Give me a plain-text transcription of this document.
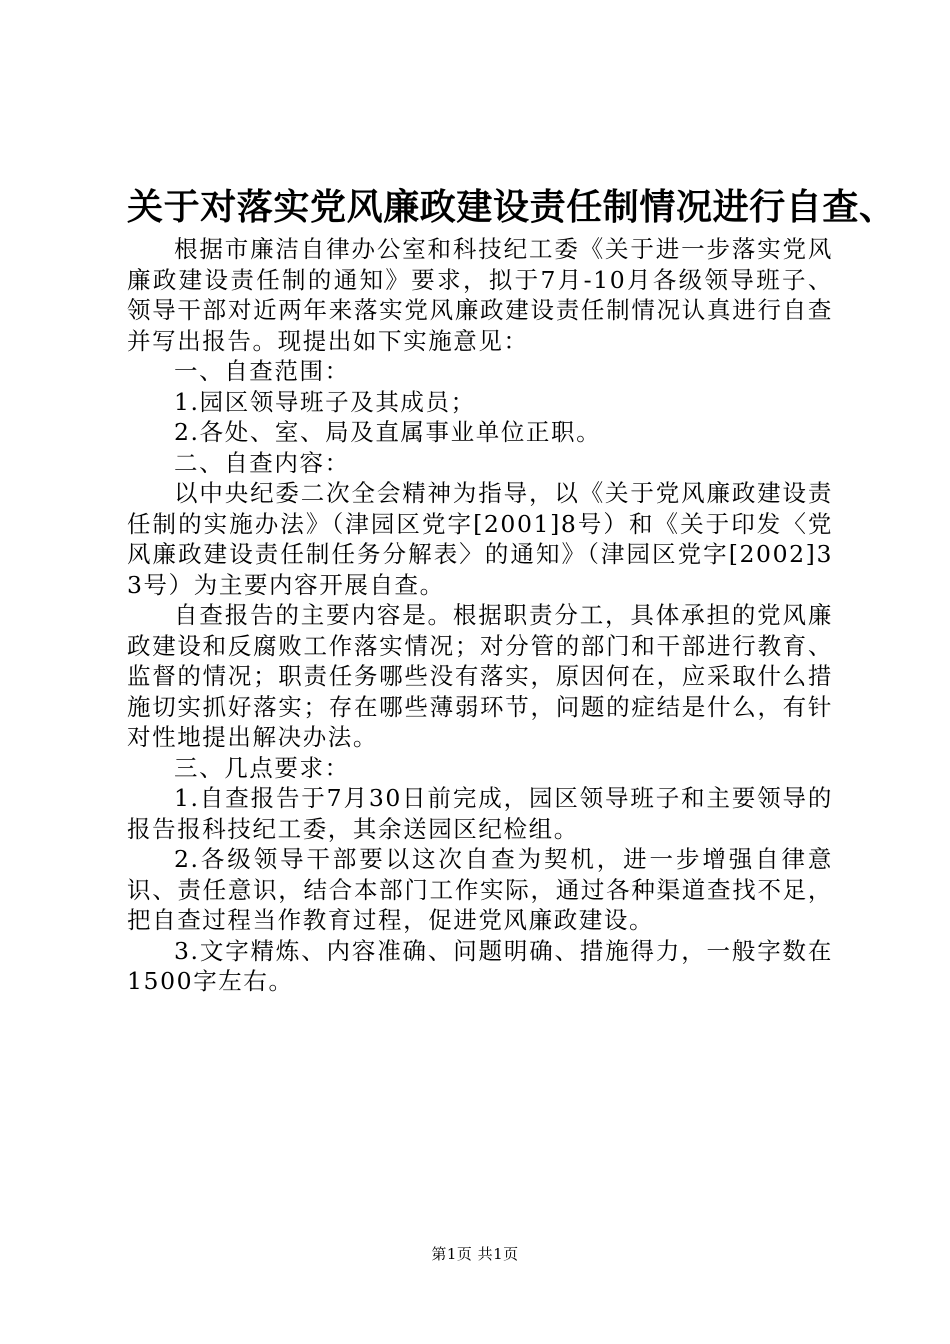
关于对落实党风廉政建设责任制情况进行自查、

根据市廉洁自律办公室和科技纪工委《关于进一步落实党风廉政建设责任制的通知》要求，拟于7月-10月各级领导班子、领导干部对近两年来落实党风廉政建设责任制情况认真进行自查并写出报告。现提出如下实施意见：

一、自查范围：

1.园区领导班子及其成员；

2.各处、室、局及直属事业单位正职。

二、自查内容：

以中央纪委二次全会精神为指导，以《关于党风廉政建设责任制的实施办法》（津园区党字[2001]8号）和《关于印发〈党风廉政建设责任制任务分解表〉的通知》（津园区党字[2002]33号）为主要内容开展自查。

自查报告的主要内容是。根据职责分工，具体承担的党风廉政建设和反腐败工作落实情况；对分管的部门和干部进行教育、监督的情况；职责任务哪些没有落实，原因何在，应采取什么措施切实抓好落实；存在哪些薄弱环节，问题的症结是什么，有针对性地提出解决办法。

三、几点要求：

1.自查报告于7月30日前完成，园区领导班子和主要领导的报告报科技纪工委，其余送园区纪检组。

2.各级领导干部要以这次自查为契机，进一步增强自律意识、责任意识，结合本部门工作实际，通过各种渠道查找不足，把自查过程当作教育过程，促进党风廉政建设。

3.文字精炼、内容准确、问题明确、措施得力，一般字数在1500字左右。

第1页 共1页
